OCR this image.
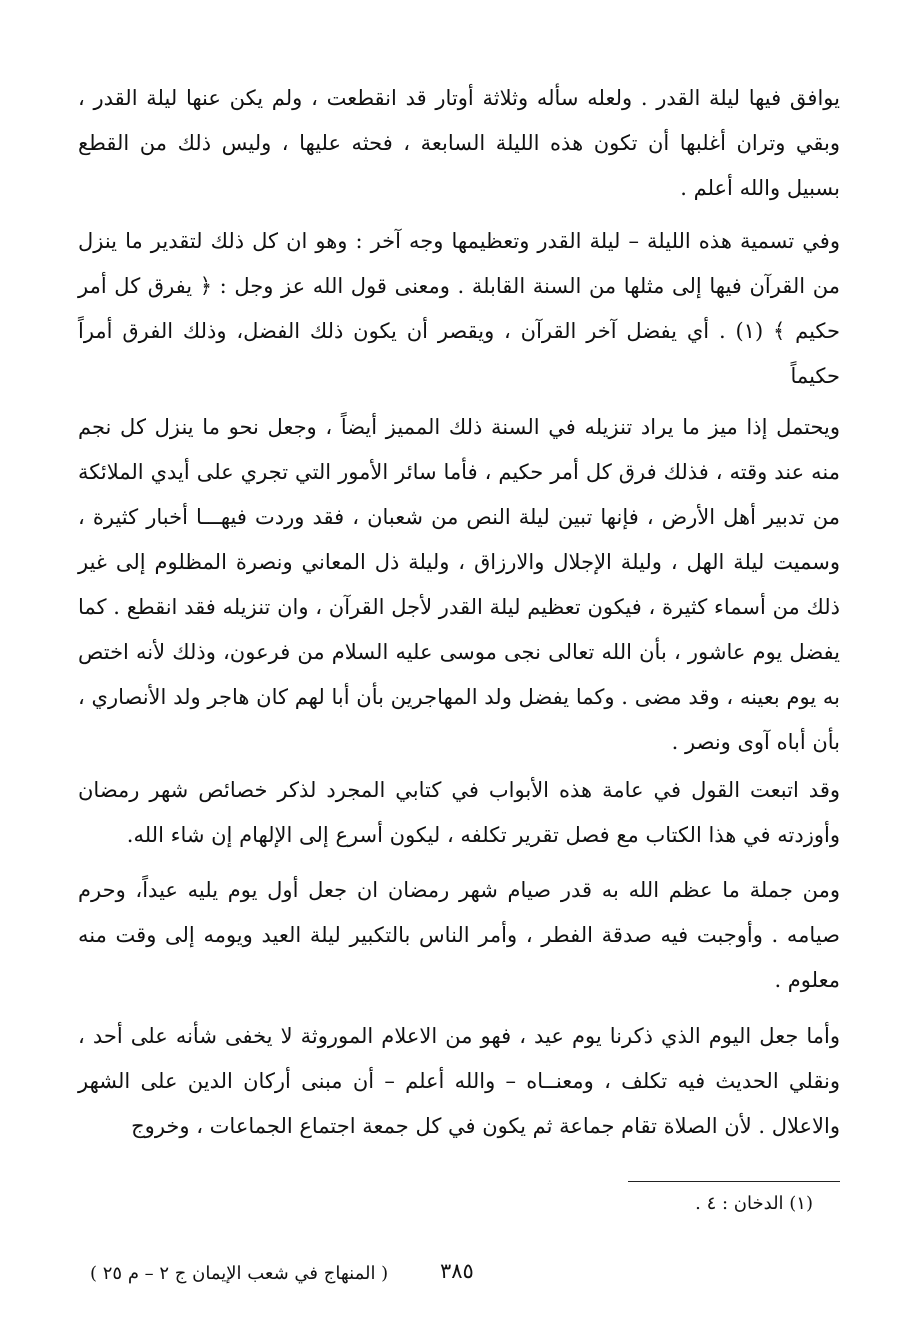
يوافق فيها ليلة القدر . ولعله سأله وثلاثة أوتار قد انقطعت ، ولم يكن عنها ليلة القدر ، وبقي وتران أغلبها أن تكون هذه الليلة السابعة ، فحثه عليها ، وليس ذلك من القطع بسبيل والله أعلم .

وفي تسمية هذه الليلة – ليلة القدر وتعظيمها وجه آخر : وهو ان كل ذلك لتقدير ما ينزل من القرآن فيها إلى مثلها من السنة القابلة . ومعنى قول الله عز وجل : ﴿ يفرق كل أمر حكيم ﴾ (١) . أي يفضل آخر القرآن ، ويقصر أن يكون ذلك الفضل، وذلك الفرق أمراً حكيماً

ويحتمل إذا ميز ما يراد تنزيله في السنة ذلك المميز أيضاً ، وجعل نحو ما ينزل كل نجم منه عند وقته ، فذلك فرق كل أمر حكيم ، فأما سائر الأمور التي تجري على أيدي الملائكة من تدبير أهل الأرض ، فإنها تبين ليلة النص من شعبان ، فقد وردت فيهـــا أخبار كثيرة ، وسميت ليلة الهل ، وليلة الإجلال والارزاق ، وليلة ذل المعاني ونصرة المظلوم إلى غير ذلك من أسماء كثيرة ، فيكون تعظيم ليلة القدر لأجل القرآن ، وان تنزيله فقد انقطع . كما يفضل يوم عاشور ، بأن الله تعالى نجى موسى عليه السلام من فرعون، وذلك لأنه اختص به يوم بعينه ، وقد مضى . وكما يفضل ولد المهاجرين بأن أبا لهم كان هاجر ولد الأنصاري ، بأن أباه آوى ونصر .

وقد اتبعت القول في عامة هذه الأبواب في كتابي المجرد لذكر خصائص شهر رمضان وأوزدته في هذا الكتاب مع فصل تقرير تكلفه ، ليكون أسرع إلى الإلهام إن شاء الله.

ومن جملة ما عظم الله به قدر صيام شهر رمضان ان جعل أول يوم يليه عيداً، وحرم صيامه . وأوجبت فيه صدقة الفطر ، وأمر الناس بالتكبير ليلة العيد ويومه إلى وقت منه معلوم .

وأما جعل اليوم الذي ذكرنا يوم عيد ، فهو من الاعلام الموروثة لا يخفى شأنه على أحد ، ونقلي الحديث فيه تكلف ، ومعنــاه – والله أعلم – أن مبنى أركان الدين على الشهر والاعلال . لأن الصلاة تقام جماعة ثم يكون في كل جمعة اجتماع الجماعات ، وخروج

(١) الدخان : ٤ .

٣٨٥
( المنهاج في شعب الإيمان ج ٢ – م ٢٥ )
